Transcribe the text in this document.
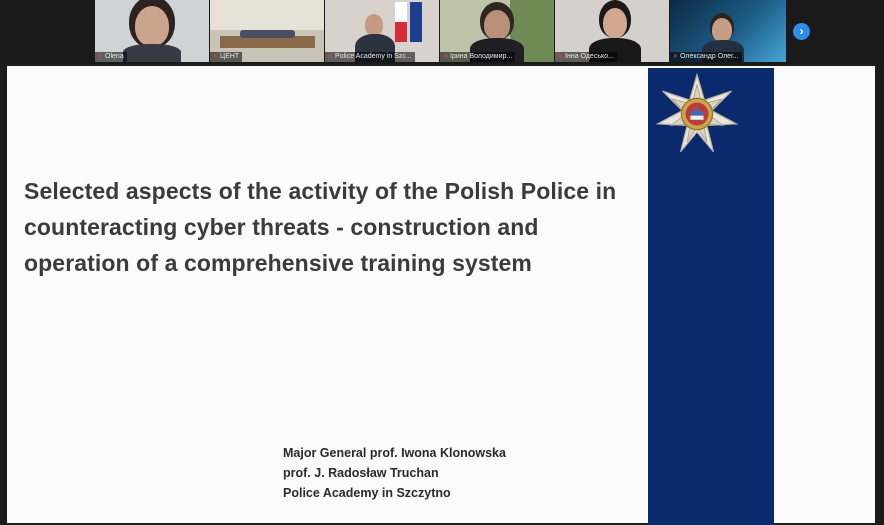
✕ Olena	✕ ЦЕНТ	✕ Police Academy in Szc...	✕ Ірина Володимир...	✕ Інна Одесько...	✕ Олександр Олег...
›
Selected aspects of the activity of the Polish Police in counteracting cyber threats - construction and operation of a comprehensive training system
Major General prof. Iwona Klonowska
prof. J. Radosław Truchan
Police Academy in Szczytno
